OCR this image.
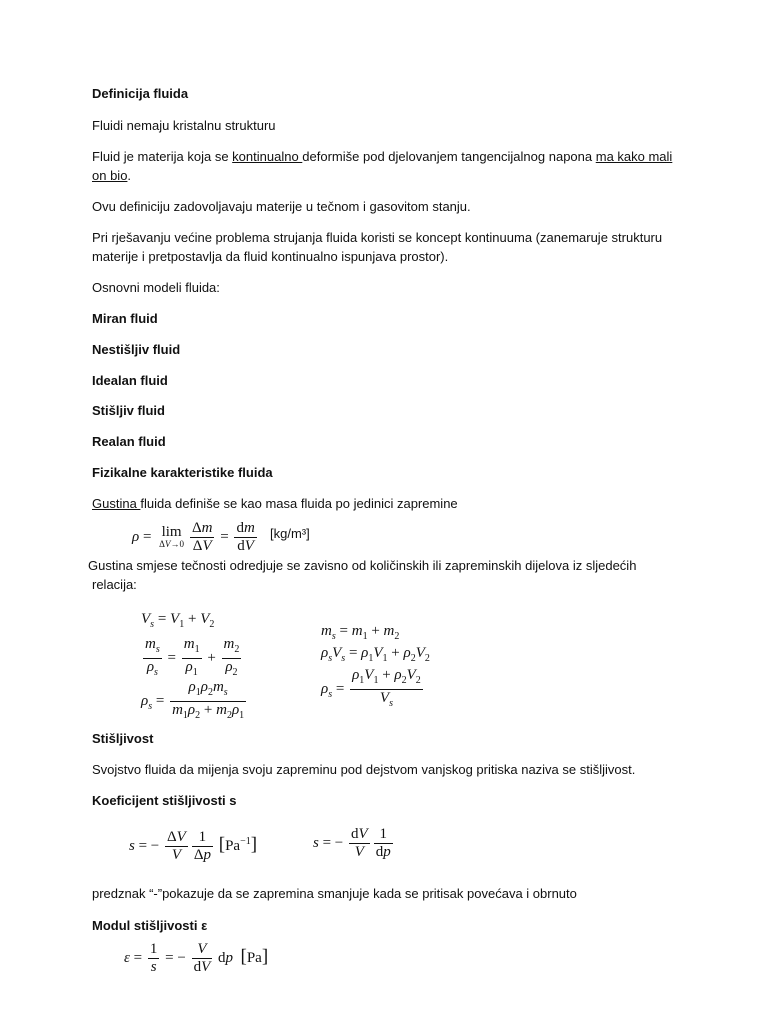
Definicija fluida
Fluidi nemaju kristalnu strukturu
Fluid je materija koja se kontinualno deformiše pod djelovanjem tangencijalnog napona ma kako mali
on bio.
Ovu definiciju zadovoljavaju materije u tečnom i gasovitom stanju.
Pri rješavanju većine problema strujanja fluida koristi se koncept kontinuuma (zanemaruje strukturu
materije i pretpostavlja da fluid kontinualno ispunjava prostor).
Osnovni modeli fluida:
Miran fluid
Nestišljiv fluid
Idealan fluid
Stišljiv fluid
Realan fluid
Fizikalne karakteristike fluida
Gustina fluida definiše se kao masa fluida po jedinici zapremine
ρ = lim
$\Delta V\to 0 \frac{\Delta m}{\Delta V} = \frac{dm}{dV} [kg/m^3]$
Gustina smjese tečnosti odredjuje se zavisno od količinskih ili zapreminskih dijelova iz sljedećih
relacija:
$V_s = V_1 + V_2$
$\frac{m_s}{\rho_s} = \frac{m_1}{\rho_1} + \frac{m_2}{\rho_2}$
$\rho_s = \frac{\rho_1\rho_2m_s}{m_1\rho_2 + m_2\rho_1}$
$m_s = m_1 + m_2$
$\rho_sV_s = \rho_1V_1 + \rho_2V_2$
$\rho_s = \frac{\rho_1V_1 + \rho_2V_2}{V_s}$
Stišljivost
Svojstvo fluida da mijenja svoju zapreminu pod dejstvom vanjskog pritiska naziva se stišljivost.
Koeficijent stišljivosti s
s = − $\frac{\Delta V}{V} \frac{1}{\Delta p} [Pa^{-1}]$	s = − $\frac{dV}{V} \frac{1}{dp}$
predznak “-”pokazuje da se zapremina smanjuje kada se pritisak povećava i obrnuto
Modul stišljivosti ε
$\varepsilon = \frac{1}{s}$ = − $\frac{V}{dV}$ dp [Pa]
